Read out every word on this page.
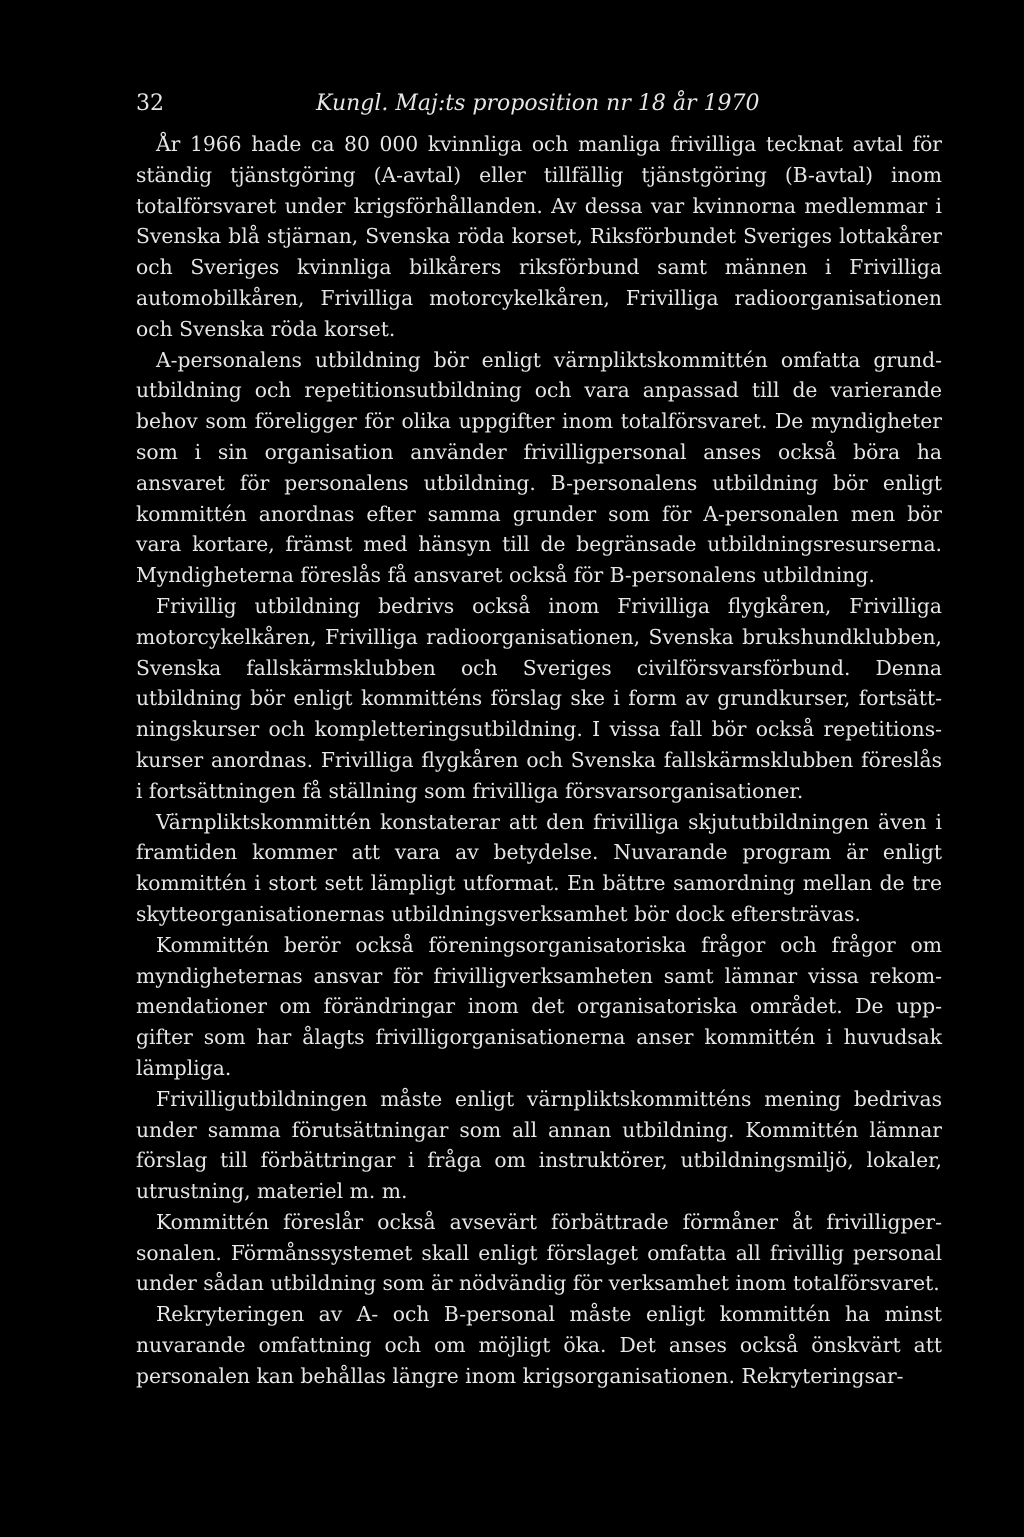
32	Kungl. Maj:ts proposition nr 18 år 1970

År 1966 hade ca 80 000 kvinnliga och manliga frivilliga tecknat avtal för ständig tjänstgöring (A-avtal) eller tillfällig tjänstgöring (B-avtal) inom totalförsvaret under krigsförhållanden. Av dessa var kvinnorna medlemmar i Svenska blå stjärnan, Svenska röda korset, Riksförbundet Sveriges lottakårer och Sveriges kvinnliga bilkårers riksförbund samt männen i Frivilliga automobilkåren, Frivilliga motorcykelkåren, Frivilliga radioorganisationen och Svenska röda korset.

A-personalens utbildning bör enligt värnpliktskommittén omfatta grundutbildning och repetitionsutbildning och vara anpassad till de varierande behov som föreligger för olika uppgifter inom totalförsvaret. De myndigheter som i sin organisation använder frivilligpersonal anses också böra ha ansvaret för personalens utbildning. B-personalens utbildning bör enligt kommittén anordnas efter samma grunder som för A-personalen men bör vara kortare, främst med hänsyn till de begränsade utbildningsresurserna. Myndigheterna föreslås få ansvaret också för B-personalens utbildning.

Frivillig utbildning bedrivs också inom Frivilliga flygkåren, Frivilliga motorcykelkåren, Frivilliga radioorganisationen, Svenska brukshundklubben, Svenska fallskärmsklubben och Sveriges civilförsvarsförbund. Denna utbildning bör enligt kommitténs förslag ske i form av grundkurser, fortsättningskurser och kompletteringsutbildning. I vissa fall bör också repetitionskurser anordnas. Frivilliga flygkåren och Svenska fallskärmsklubben föreslås i fortsättningen få ställning som frivilliga försvarsorganisationer.

Värnpliktskommittén konstaterar att den frivilliga skjututbildningen även i framtiden kommer att vara av betydelse. Nuvarande program är enligt kommittén i stort sett lämpligt utformat. En bättre samordning mellan de tre skytteorganisationernas utbildningsverksamhet bör dock eftersträvas.

Kommittén berör också föreningsorganisatoriska frågor och frågor om myndigheternas ansvar för frivilligverksamheten samt lämnar vissa rekommendationer om förändringar inom det organisatoriska området. De uppgifter som har ålagts frivilligorganisationerna anser kommittén i huvudsak lämpliga.

Frivilligutbildningen måste enligt värnpliktskommitténs mening bedrivas under samma förutsättningar som all annan utbildning. Kommittén lämnar förslag till förbättringar i fråga om instruktörer, utbildningsmiljö, lokaler, utrustning, materiel m. m.

Kommittén föreslår också avsevärt förbättrade förmåner åt frivilligpersonalen. Förmånssystemet skall enligt förslaget omfatta all frivillig personal under sådan utbildning som är nödvändig för verksamhet inom totalförsvaret.

Rekryteringen av A- och B-personal måste enligt kommittén ha minst nuvarande omfattning och om möjligt öka. Det anses också önskvärt att personalen kan behållas längre inom krigsorganisationen. Rekryteringsar-
